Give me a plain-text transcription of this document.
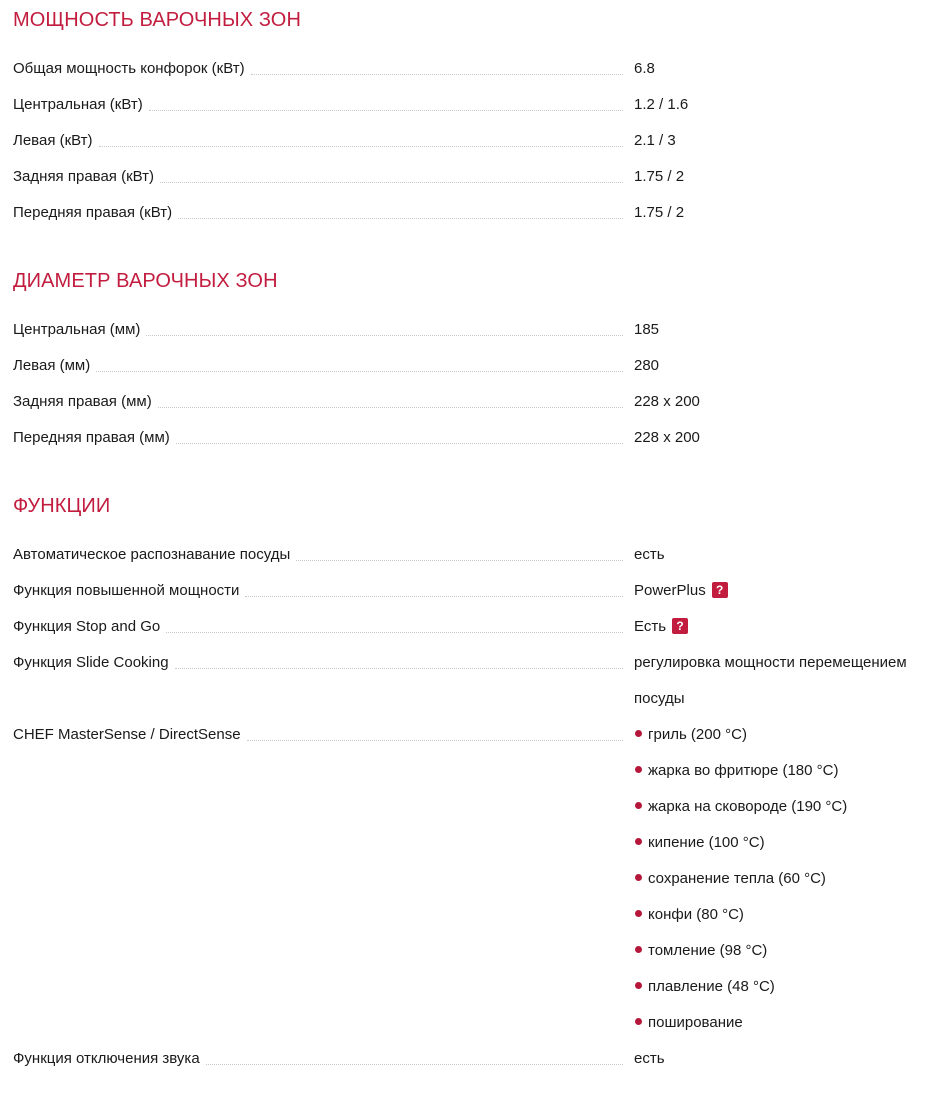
МОЩНОСТЬ ВАРОЧНЫХ ЗОН
Общая мощность конфорок (кВт)	6.8
Центральная (кВт)	1.2 / 1.6
Левая (кВт)	2.1 / 3
Задняя правая (кВт)	1.75 / 2
Передняя правая (кВт)	1.75 / 2
ДИАМЕТР ВАРОЧНЫХ ЗОН
Центральная (мм)	185
Левая (мм)	280
Задняя правая (мм)	228 x 200
Передняя правая (мм)	228 x 200
ФУНКЦИИ
Автоматическое распознавание посуды	есть
Функция повышенной мощности	PowerPlus ?
Функция Stop and Go	Есть ?
Функция Slide Cooking	регулировка мощности перемещением
посуды
CHEF MasterSense / DirectSense	гриль (200 °C)
жарка во фритюре (180 °C)
жарка на сковороде (190 °C)
кипение (100 °C)
сохранение тепла (60 °C)
конфи (80 °C)
томление (98 °C)
плавление (48 °C)
поширование
Функция отключения звука	есть
